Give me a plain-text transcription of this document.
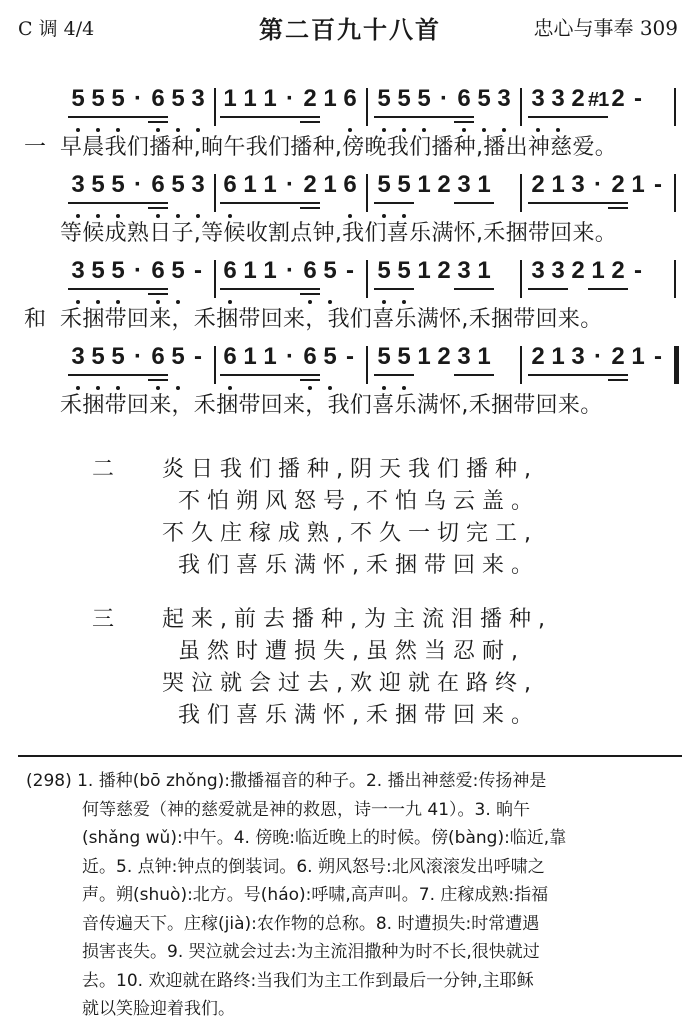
C 调 4/4	第二百九十八首	忠心与事奉 309
5 5 5 · 6 5 3 1 1 1 · 2 1 6 5 5 5 · 6 5 3 3 3 2 #1 2 -
一 早晨我们播种,晌午我们播种,傍晚我们播种,播出神慈爱。
3 5 5 · 6 5 3 6 1 1 · 2 1 6 5 5 1 2 3 1 2 1 3 · 2 1 -
等候成熟日子,等候收割点钟,我们喜乐满怀,禾捆带回来。
3 5 5 · 6 5 - 6 1 1 · 6 5 - 5 5 1 2 3 1 3 3 2 1 2 -
和 禾捆带回来，禾捆带回来，我们喜乐满怀,禾捆带回来。
3 5 5 · 6 5 - 6 1 1 · 6 5 - 5 5 1 2 3 1 2 1 3 · 2 1 -
禾捆带回来，禾捆带回来，我们喜乐满怀,禾捆带回来。
二 炎日我们播种,阴天我们播种,
不怕朔风怒号,不怕乌云盖。
不久庄稼成熟,不久一切完工,
我们喜乐满怀,禾捆带回来。
三 起来,前去播种,为主流泪播种,
虽然时遭损失,虽然当忍耐,
哭泣就会过去,欢迎就在路终,
我们喜乐满怀,禾捆带回来。
(298) 1. 播种(bō zhǒng):撒播福音的种子。2. 播出神慈爱:传扬神是
何等慈爱（神的慈爱就是神的救恩，诗一一九 41）。3. 晌午
(shǎng wǔ):中午。4. 傍晚:临近晚上的时候。傍(bàng):临近,靠
近。5. 点钟:钟点的倒装词。6. 朔风怒号:北风滚滚发出呼啸之
声。朔(shuò):北方。号(háo):呼啸,高声叫。7. 庄稼成熟:指福
音传遍天下。庄稼(jià):农作物的总称。8. 时遭损失:时常遭遇
损害丧失。9. 哭泣就会过去:为主流泪撒种为时不长,很快就过
去。10. 欢迎就在路终:当我们为主工作到最后一分钟,主耶稣
就以笑脸迎着我们。
